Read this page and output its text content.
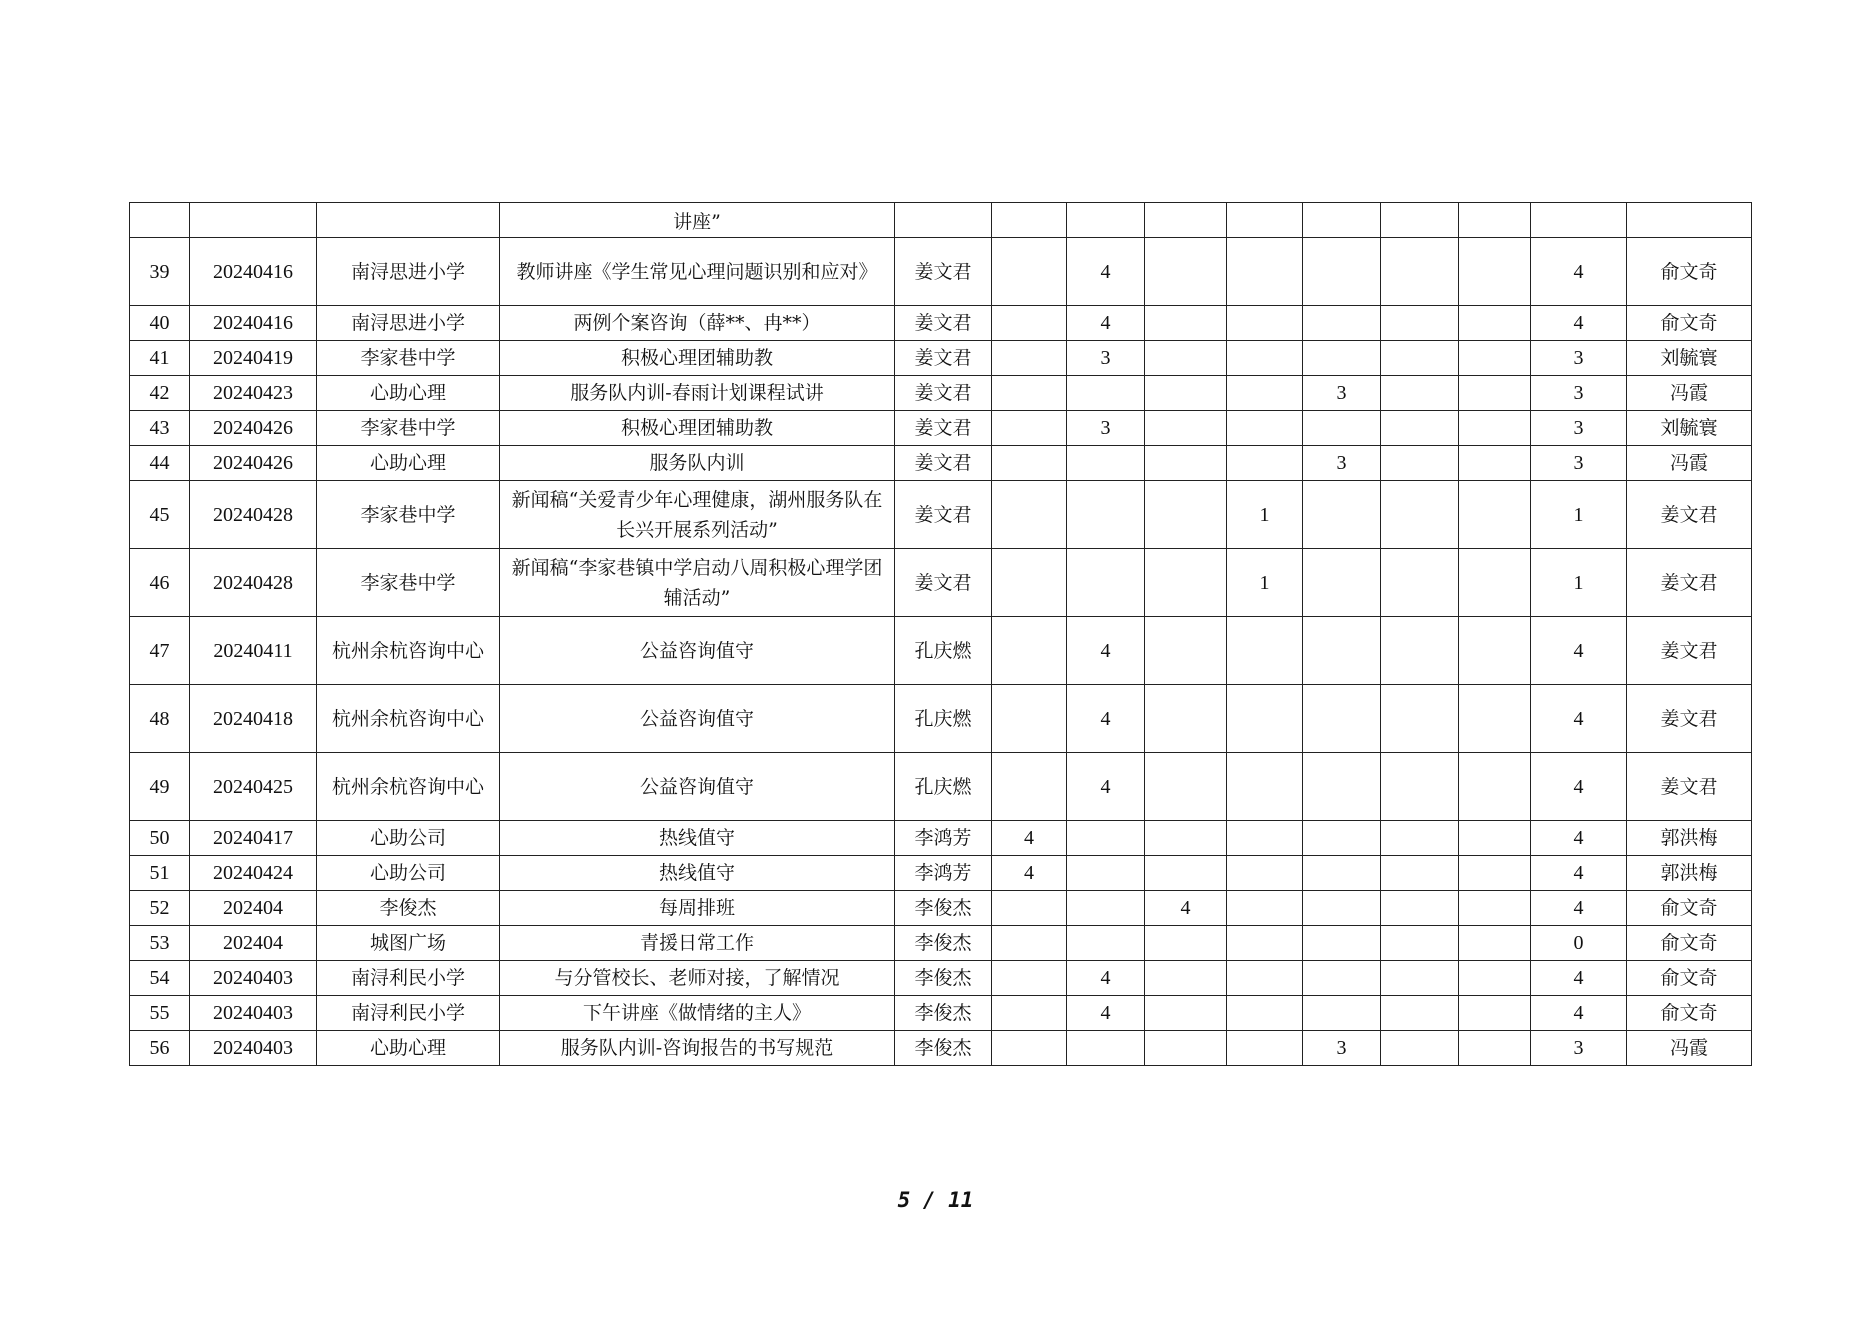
			讲座”										
39	20240416	南浔思进小学	教师讲座《学生常见心理问题识别和应对》	姜文君		4						4	俞文奇
40	20240416	南浔思进小学	两例个案咨询（薛**、冉**）	姜文君		4						4	俞文奇
41	20240419	李家巷中学	积极心理团辅助教	姜文君		3						3	刘毓寰
42	20240423	心助心理	服务队内训-春雨计划课程试讲	姜文君					3			3	冯霞
43	20240426	李家巷中学	积极心理团辅助教	姜文君		3						3	刘毓寰
44	20240426	心助心理	服务队内训	姜文君					3			3	冯霞
45	20240428	李家巷中学	新闻稿“关爱青少年心理健康，湖州服务队在长兴开展系列活动”	姜文君				1				1	姜文君
46	20240428	李家巷中学	新闻稿“李家巷镇中学启动八周积极心理学团辅活动”	姜文君				1				1	姜文君
47	20240411	杭州余杭咨询中心	公益咨询值守	孔庆燃		4						4	姜文君
48	20240418	杭州余杭咨询中心	公益咨询值守	孔庆燃		4						4	姜文君
49	20240425	杭州余杭咨询中心	公益咨询值守	孔庆燃		4						4	姜文君
50	20240417	心助公司	热线值守	李鸿芳	4							4	郭洪梅
51	20240424	心助公司	热线值守	李鸿芳	4							4	郭洪梅
52	202404	李俊杰	每周排班	李俊杰			4					4	俞文奇
53	202404	城图广场	青援日常工作	李俊杰								0	俞文奇
54	20240403	南浔利民小学	与分管校长、老师对接，了解情况	李俊杰		4						4	俞文奇
55	20240403	南浔利民小学	下午讲座《做情绪的主人》	李俊杰		4						4	俞文奇
56	20240403	心助心理	服务队内训-咨询报告的书写规范	李俊杰					3			3	冯霞
5 / 11
